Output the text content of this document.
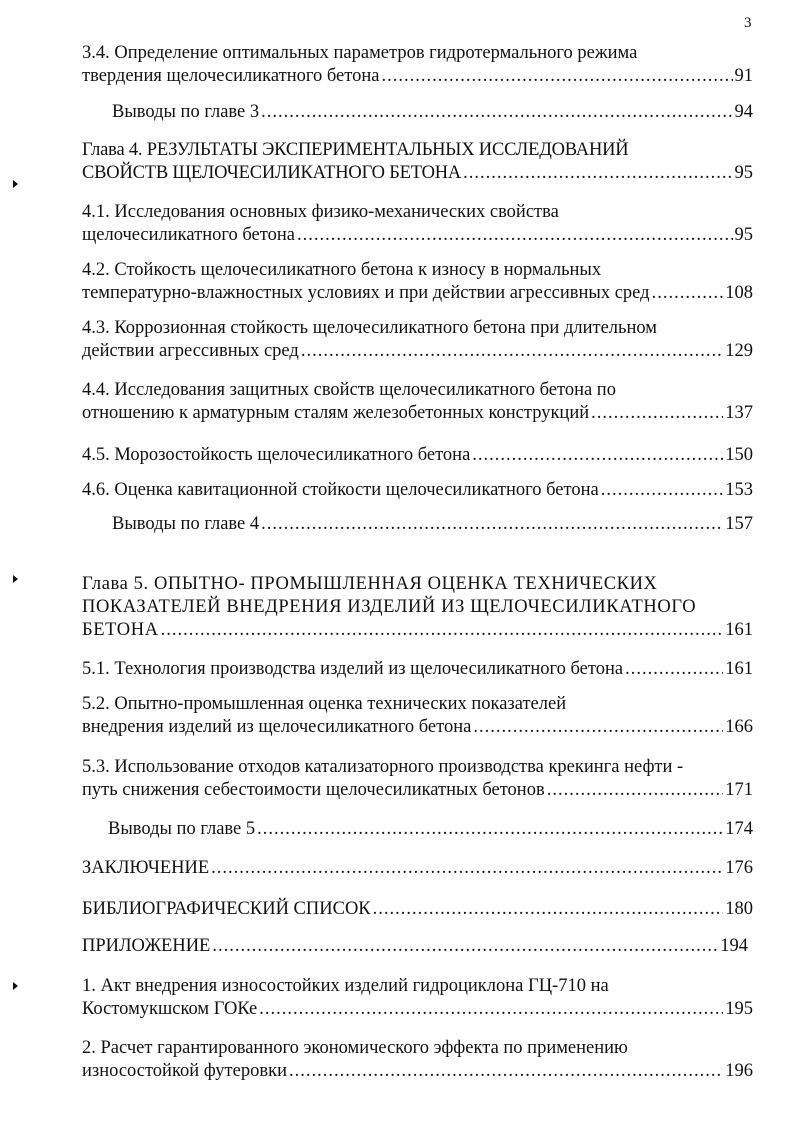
3
3.4. Определение оптимальных параметров гидротермального режима
твердения щелочесиликатного бетона .....	91
Выводы по главе 3 .....	94
Глава 4. РЕЗУЛЬТАТЫ ЭКСПЕРИМЕНТАЛЬНЫХ ИССЛЕДОВАНИЙ
СВОЙСТВ ЩЕЛОЧЕСИЛИКАТНОГО БЕТОНА .....	95
4.1. Исследования основных физико-механических свойства
щелочесиликатного бетона .....	95
4.2. Стойкость щелочесиликатного бетона к износу в нормальных
температурно-влажностных условиях и при действии агрессивных сред .....	108
4.3. Коррозионная стойкость щелочесиликатного бетона при длительном
действии агрессивных сред .....	129
4.4. Исследования защитных свойств щелочесиликатного бетона по
отношению к арматурным сталям железобетонных конструкций .....	137
4.5. Морозостойкость щелочесиликатного бетона .....	150
4.6. Оценка кавитационной стойкости щелочесиликатного бетона .....	153
Выводы по главе 4 .....	157
Глава 5. ОПЫТНО- ПРОМЫШЛЕННАЯ ОЦЕНКА ТЕХНИЧЕСКИХ
ПОКАЗАТЕЛЕЙ ВНЕДРЕНИЯ ИЗДЕЛИЙ ИЗ ЩЕЛОЧЕСИЛИКАТНОГО
БЕТОНА .....	161
5.1. Технология производства изделий из щелочесиликатного бетона .....	161
5.2. Опытно-промышленная оценка технических показателей
внедрения изделий из щелочесиликатного бетона .....	166
5.3. Использование отходов катализаторного производства крекинга нефти -
путь снижения себестоимости щелочесиликатных бетонов .....	171
Выводы по главе 5 .....	174
ЗАКЛЮЧЕНИЕ .....	176
БИБЛИОГРАФИЧЕСКИЙ СПИСОК .....	180
ПРИЛОЖЕНИЕ .....	194
1. Акт внедрения износостойких изделий гидроциклона ГЦ-710 на
Костомукшском ГОКе .....	195
2. Расчет гарантированного экономического эффекта по применению
износостойкой футеровки .....	196
